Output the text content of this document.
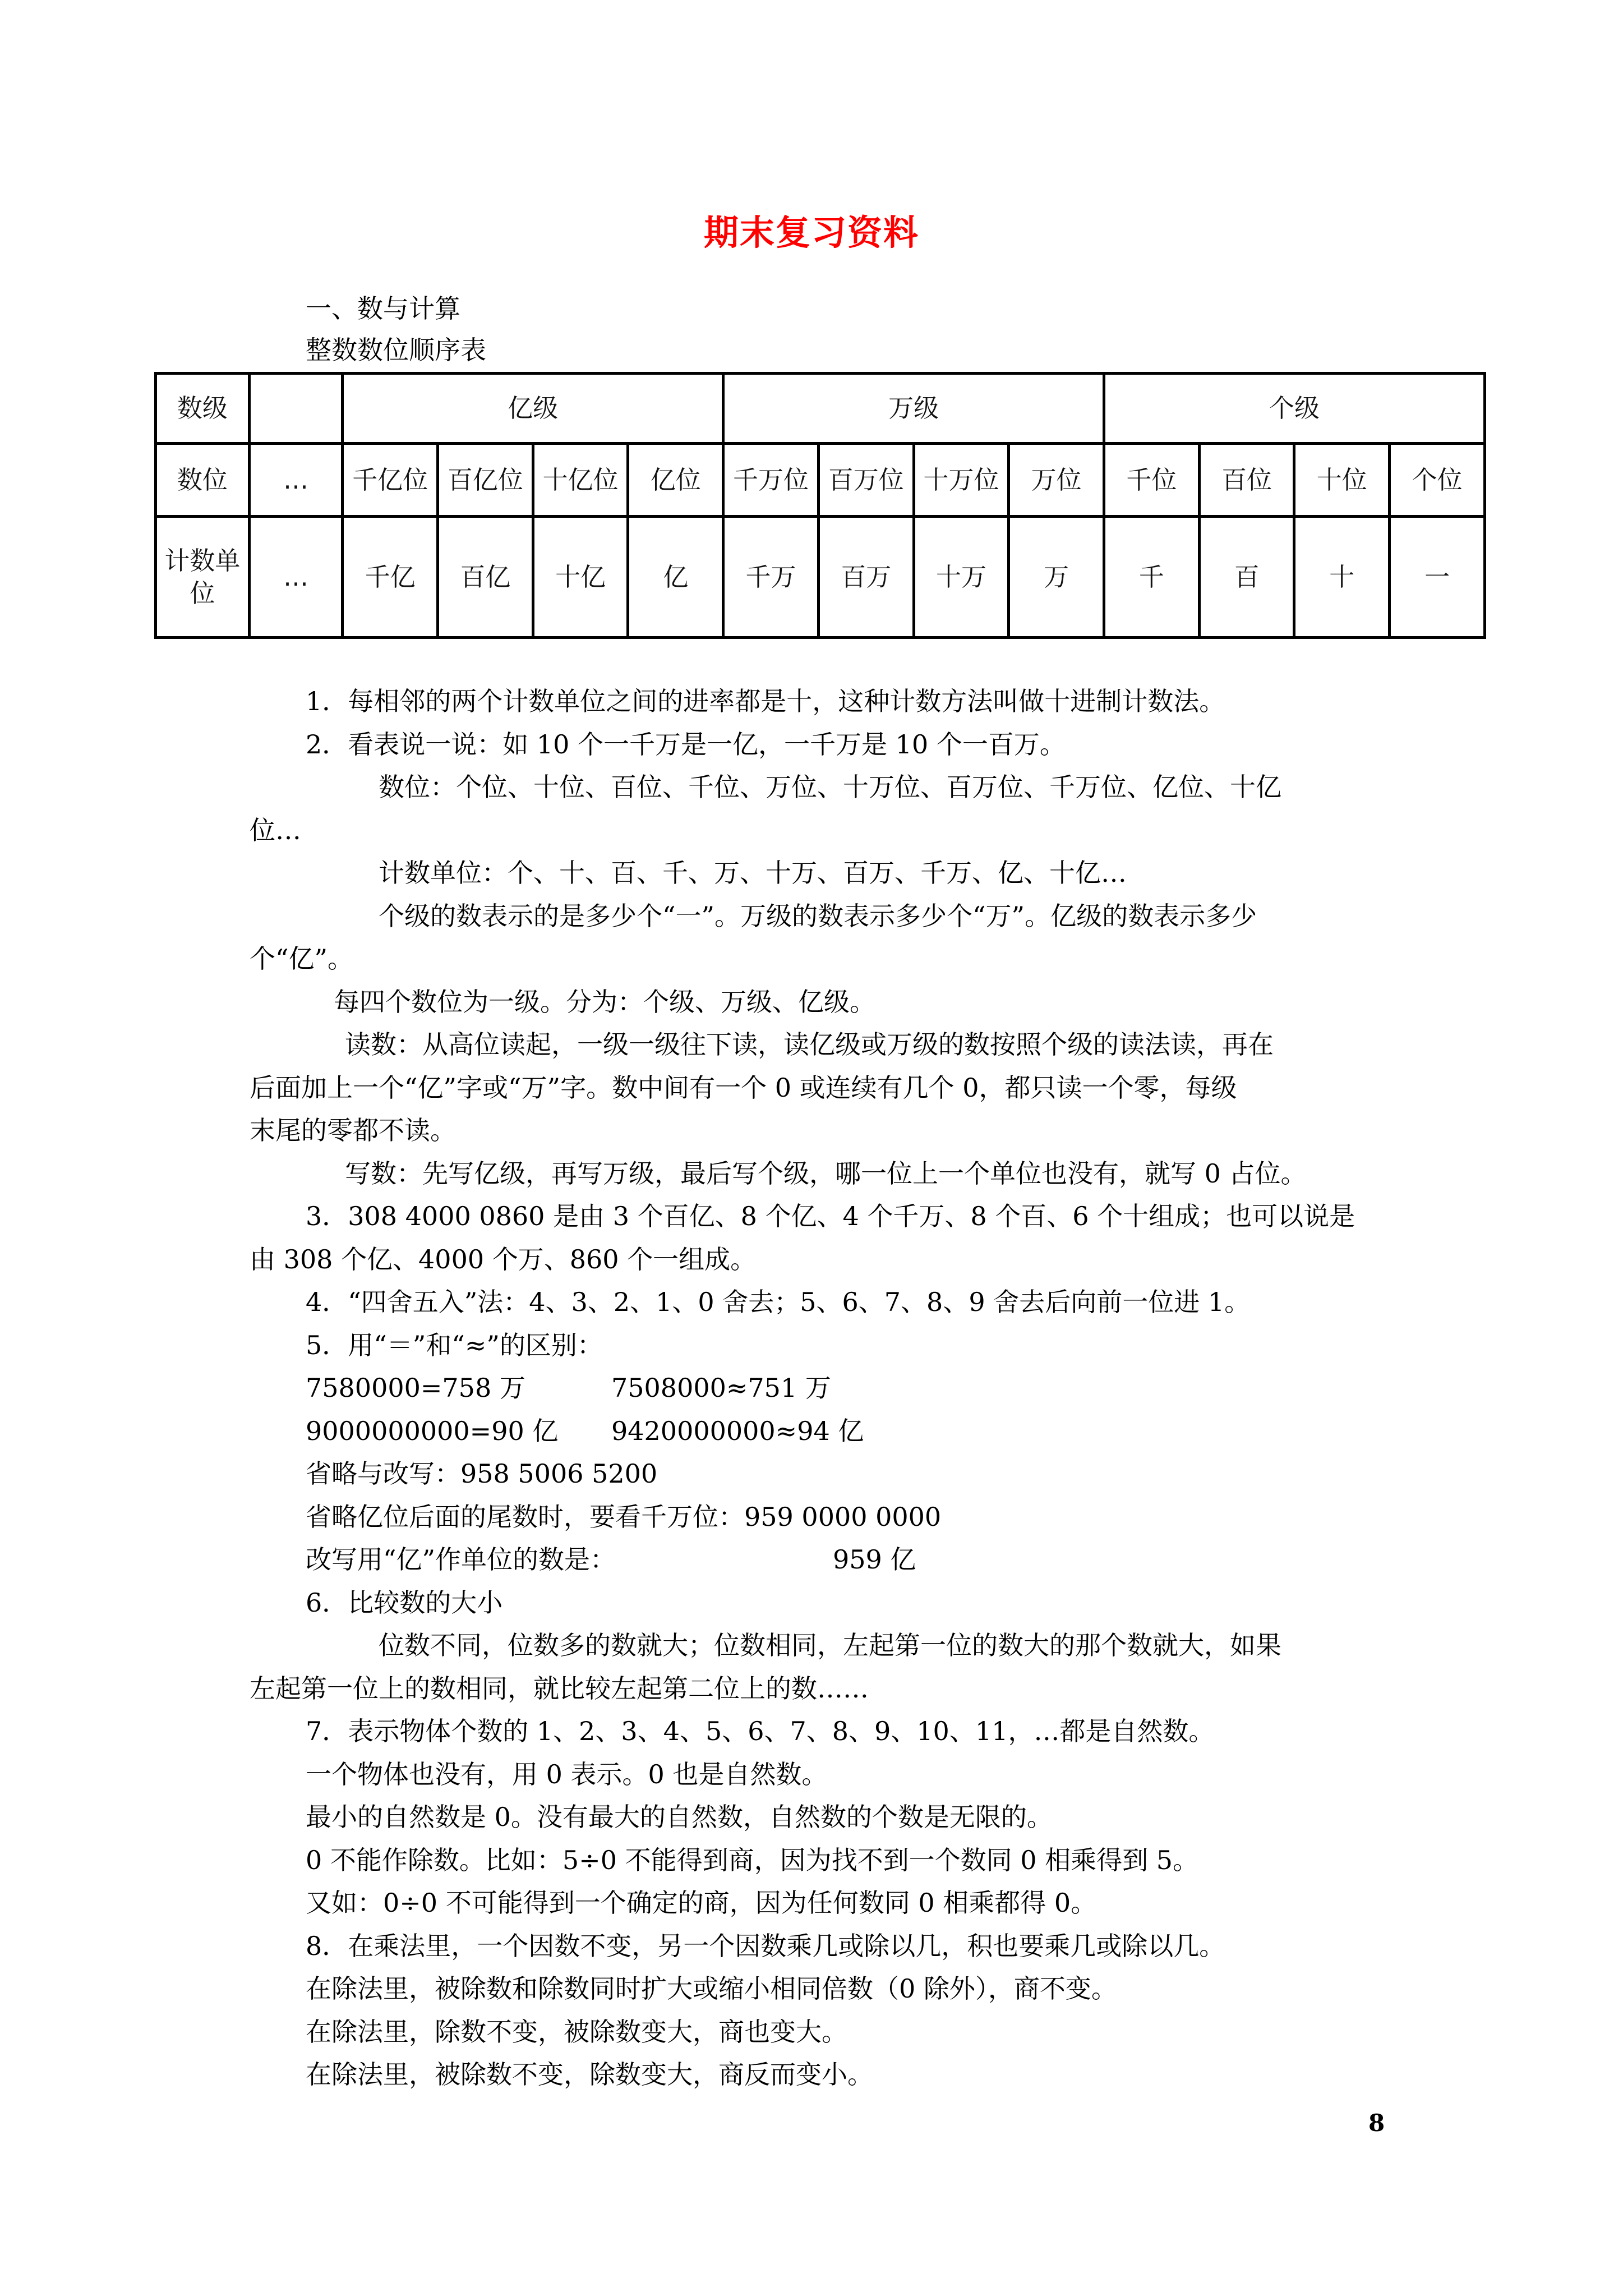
期末复习资料
一、数与计算
整数数位顺序表
数级		亿级				万级				个级			
数位	…	千亿位	百亿位	十亿位	亿位	千万位	百万位	十万位	万位	千位	百位	十位	个位
计数单位	…	千亿	百亿	十亿	亿	千万	百万	十万	万	千	百	十	一

1．每相邻的两个计数单位之间的进率都是十，这种计数方法叫做十进制计数法。

2．看表说一说：如 10 个一千万是一亿，一千万是 10 个一百万。

数位：个位、十位、百位、千位、万位、十万位、百万位、千万位、亿位、十亿

位…

计数单位：个、十、百、千、万、十万、百万、千万、亿、十亿…

个级的数表示的是多少个“一”。万级的数表示多少个“万”。亿级的数表示多少

个“亿”。

每四个数位为一级。分为：个级、万级、亿级。

读数：从高位读起，一级一级往下读，读亿级或万级的数按照个级的读法读，再在

后面加上一个“亿”字或“万”字。数中间有一个 0 或连续有几个 0，都只读一个零，每级

末尾的零都不读。

写数：先写亿级，再写万级，最后写个级，哪一位上一个单位也没有，就写 0 占位。

3．308 4000 0860 是由 3 个百亿、8 个亿、4 个千万、8 个百、6 个十组成；也可以说是

由 308 个亿、4000 个万、860 个一组成。

4．“四舍五入”法：4、3、2、1、0 舍去；5、6、7、8、9 舍去后向前一位进 1。

5．用“＝”和“≈”的区别：

7580000=758 万	7508000≈751 万

9000000000=90 亿 9420000000≈94 亿

省略与改写：958 5006 5200

省略亿位后面的尾数时，要看千万位：959 0000 0000

改写用“亿”作单位的数是：	959 亿

6．比较数的大小

位数不同，位数多的数就大；位数相同，左起第一位的数大的那个数就大，如果

左起第一位上的数相同，就比较左起第二位上的数……

7．表示物体个数的 1、2、3、4、5、6、7、8、9、10、11，…都是自然数。

一个物体也没有，用 0 表示。0 也是自然数。

最小的自然数是 0。没有最大的自然数，自然数的个数是无限的。

0 不能作除数。比如：5÷0 不能得到商，因为找不到一个数同 0 相乘得到 5。

又如：0÷0 不可能得到一个确定的商，因为任何数同 0 相乘都得 0。

8．在乘法里，一个因数不变，另一个因数乘几或除以几，积也要乘几或除以几。

在除法里，被除数和除数同时扩大或缩小相同倍数（0 除外），商不变。

在除法里，除数不变，被除数变大，商也变大。

在除法里，被除数不变，除数变大，商反而变小。

8
